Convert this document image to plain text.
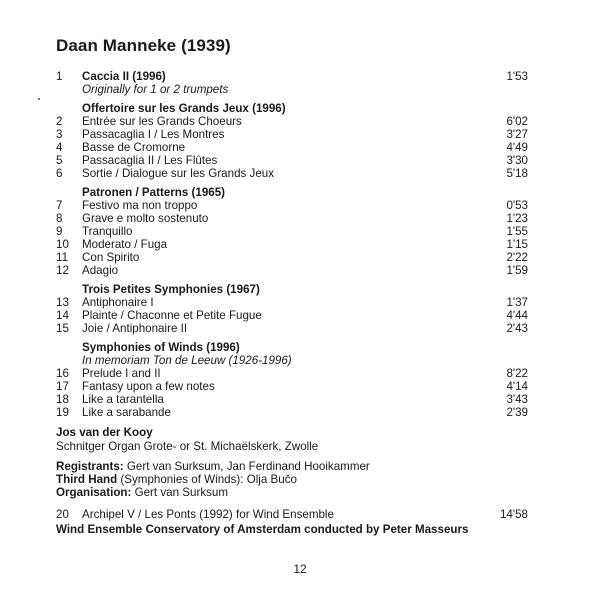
Daan Manneke (1939)
1 Caccia II (1996)	1'53
Originally for 1 or 2 trumpets
Offertoire sur les Grands Jeux (1996)
2 Entrée sur les Grands Choeurs	6'02
3 Passacaglia I / Les Montres	3'27
4 Basse de Cromorne	4'49
5 Passacaglia II / Les Flûtes	3'30
6 Sortie / Dialogue sur les Grands Jeux	5'18
Patronen / Patterns (1965)
7 Festivo ma non troppo	0'53
8 Grave e molto sostenuto	1'23
9 Tranquillo	1'55
10 Moderato / Fuga	1'15
11 Con Spirito	2'22
12 Adagio	1'59
Trois Petites Symphonies (1967)
13 Antiphonaire I	1'37
14 Plainte / Chaconne et Petite Fugue	4'44
15 Joie / Antiphonaire II	2'43
Symphonies of Winds (1996)
In memoriam Ton de Leeuw (1926-1996)
16 Prelude I and II	8'22
17 Fantasy upon a few notes	4'14
18 Like a tarantella	3'43
19 Like a sarabande	2'39
Jos van der Kooy
Schnitger Organ Grote- or St. Michaëlskerk, Zwolle
Registrants: Gert van Surksum, Jan Ferdinand Hooikammer
Third Hand (Symphonies of Winds): Olja Bučo
Organisation: Gert van Surksum
20 Archipel V / Les Ponts (1992) for Wind Ensemble	14'58
Wind Ensemble Conservatory of Amsterdam conducted by Peter Masseurs
12
